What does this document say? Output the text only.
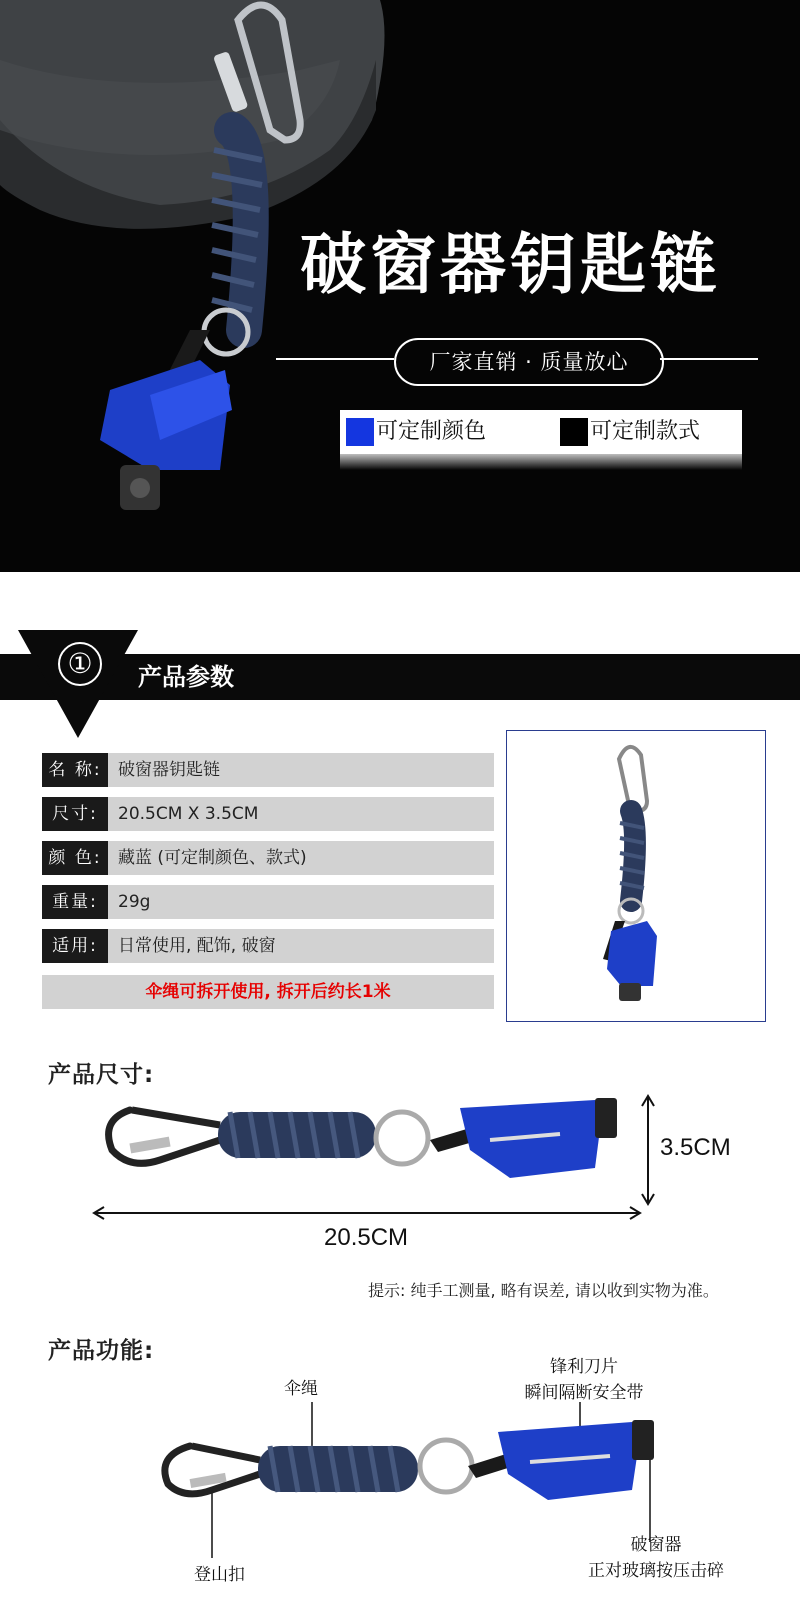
破窗器钥匙链
厂家直销 · 质量放心
可定制颜色	可定制款式
①	产品参数
名 称: 破窗器钥匙链
尺寸:	20.5CM X 3.5CM
颜 色: 藏蓝 (可定制颜色、款式)
重量:	29g
适用:	日常使用, 配饰, 破窗
伞绳可拆开使用, 拆开后约长1米
产品尺寸:
3.5CM
20.5CM
提示: 纯手工测量, 略有误差, 请以收到实物为准。
产品功能:
伞绳
锋利刀片
瞬间隔断安全带
破窗器
正对玻璃按压击碎
登山扣
